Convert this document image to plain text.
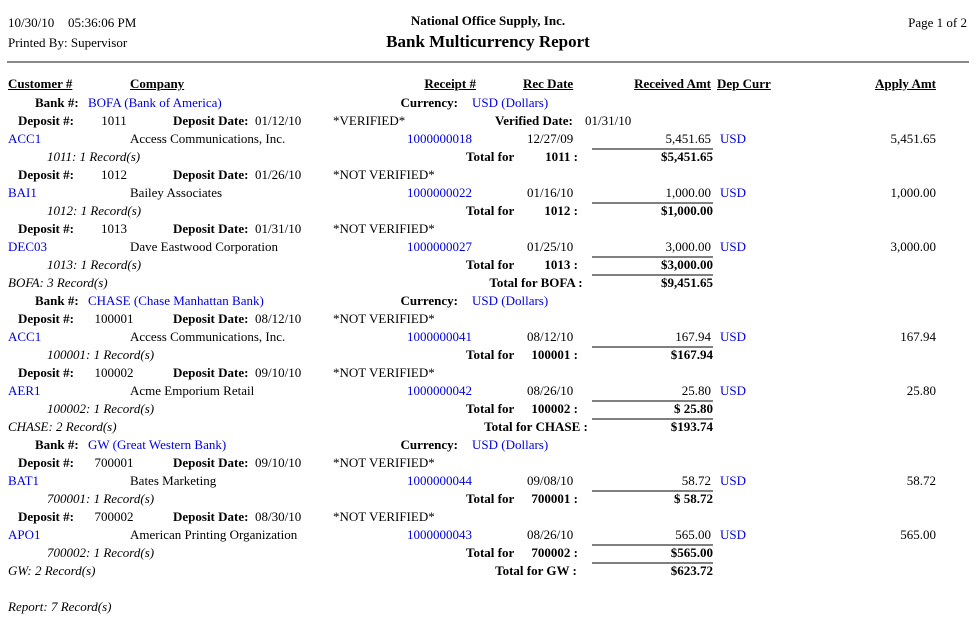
10/30/10 05:36:06 PM
Printed By: Supervisor
National Office Supply, Inc.
Bank Multicurrency Report
Page 1 of 2
Customer #	Company	Receipt #	Rec Date	Received Amt Dep Curr	Apply Amt
Bank #: BOFA (Bank of America)	Currency: USD (Dollars)
Deposit #:	1011	Deposit Date: 01/12/10 *VERIFIED*	Verified Date: 01/31/10
ACC1	Access Communications, Inc.	1000000018	12/27/09	5,451.65 USD	5,451.65
1011: 1 Record(s)	Total for 1011 :	$5,451.65
Deposit #:	1012	Deposit Date: 01/26/10 *NOT VERIFIED*
BAI1	Bailey Associates	1000000022	01/16/10	1,000.00 USD	1,000.00
1012: 1 Record(s)	Total for 1012 :	$1,000.00
Deposit #:	1013	Deposit Date: 01/31/10 *NOT VERIFIED*
DEC03	Dave Eastwood Corporation	1000000027	01/25/10	3,000.00 USD	3,000.00
1013: 1 Record(s)	Total for 1013 :	$3,000.00
BOFA: 3 Record(s)	Total for BOFA :	$9,451.65
Bank #: CHASE (Chase Manhattan Bank)	Currency: USD (Dollars)
Deposit #:	100001	Deposit Date: 08/12/10 *NOT VERIFIED*
ACC1	Access Communications, Inc.	1000000041	08/12/10	167.94 USD	167.94
100001: 1 Record(s)	Total for 100001 :	$167.94
Deposit #:	100002	Deposit Date: 09/10/10 *NOT VERIFIED*
AER1	Acme Emporium Retail	1000000042	08/26/10	25.80 USD	25.80
100002: 1 Record(s)	Total for 100002 :	$ 25.80
CHASE: 2 Record(s)	Total for CHASE :	$193.74
Bank #: GW (Great Western Bank)	Currency: USD (Dollars)
Deposit #:	700001	Deposit Date: 09/10/10 *NOT VERIFIED*
BAT1	Bates Marketing	1000000044	09/08/10	58.72 USD	58.72
700001: 1 Record(s)	Total for 700001 :	$ 58.72
Deposit #:	700002	Deposit Date: 08/30/10 *NOT VERIFIED*
APO1	American Printing Organization	1000000043	08/26/10	565.00 USD	565.00
700002: 1 Record(s)	Total for 700002 :	$565.00
GW: 2 Record(s)	Total for GW :	$623.72
Report: 7 Record(s)
